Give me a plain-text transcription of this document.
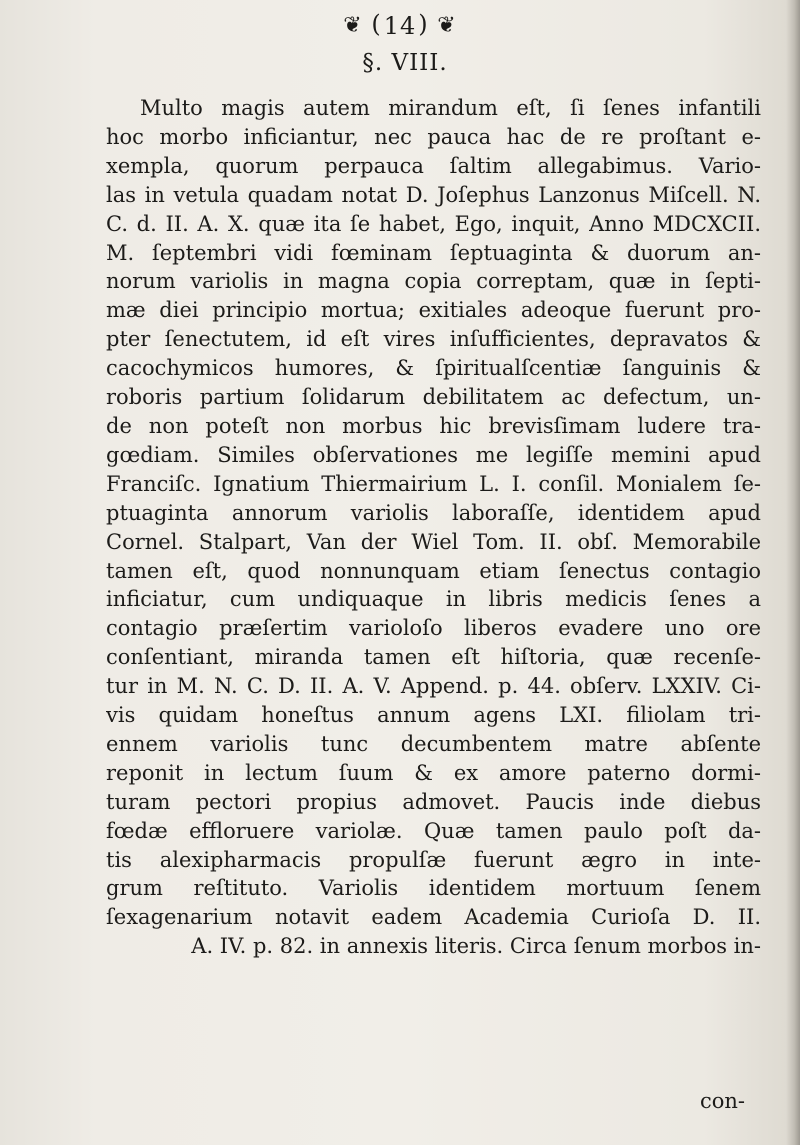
❦ (14) ❦
§. VIII.
Multo magis autem mirandum eſt, ſi ſenes infantili
hoc morbo inficiantur, nec pauca hac de re proſtant e-
xempla, quorum perpauca ſaltim allegabimus. Vario-
las in vetula quadam notat D. Joſephus Lanzonus Miſcell. N.
C. d. II. A. X. quæ ita ſe habet, Ego, inquit, Anno MDCXCII.
M. ſeptembri vidi fœminam ſeptuaginta & duorum an-
norum variolis in magna copia correptam, quæ in ſepti-
mæ diei principio mortua; exitiales adeoque fuerunt pro-
pter ſenectutem, id eſt vires inſufficientes, depravatos &
cacochymicos humores, & ſpiritualſcentiæ ſanguinis &
roboris partium ſolidarum debilitatem ac defectum, un-
de non poteſt non morbus hic brevisſimam ludere tra-
gœdiam. Similes obſervationes me legiſſe memini apud
Franciſc. Ignatium Thiermairium L. I. conſil. Monialem ſe-
ptuaginta annorum variolis laboraſſe, identidem apud
Cornel. Stalpart, Van der Wiel Tom. II. obſ. Memorabile
tamen eſt, quod nonnunquam etiam ſenectus contagio
inficiatur, cum undiquaque in libris medicis ſenes a
contagio præſertim varioloſo liberos evadere uno ore
conſentiant, miranda tamen eſt hiſtoria, quæ recenſe-
tur in M. N. C. D. II. A. V. Append. p. 44. obſerv. LXXIV. Ci-
vis quidam honeſtus annum agens LXI. filiolam tri-
ennem variolis tunc decumbentem matre abſente
reponit in lectum ſuum & ex amore paterno dormi-
turam pectori propius admovet. Paucis inde diebus
fœdæ effloruere variolæ. Quæ tamen paulo poſt da-
tis alexipharmacis propulſæ fuerunt ægro in inte-
grum reſtituto. Variolis identidem mortuum ſenem
ſexagenarium notavit eadem Academia Curioſa D. II.
A. IV. p. 82. in annexis literis. Circa ſenum morbos in-
con-
